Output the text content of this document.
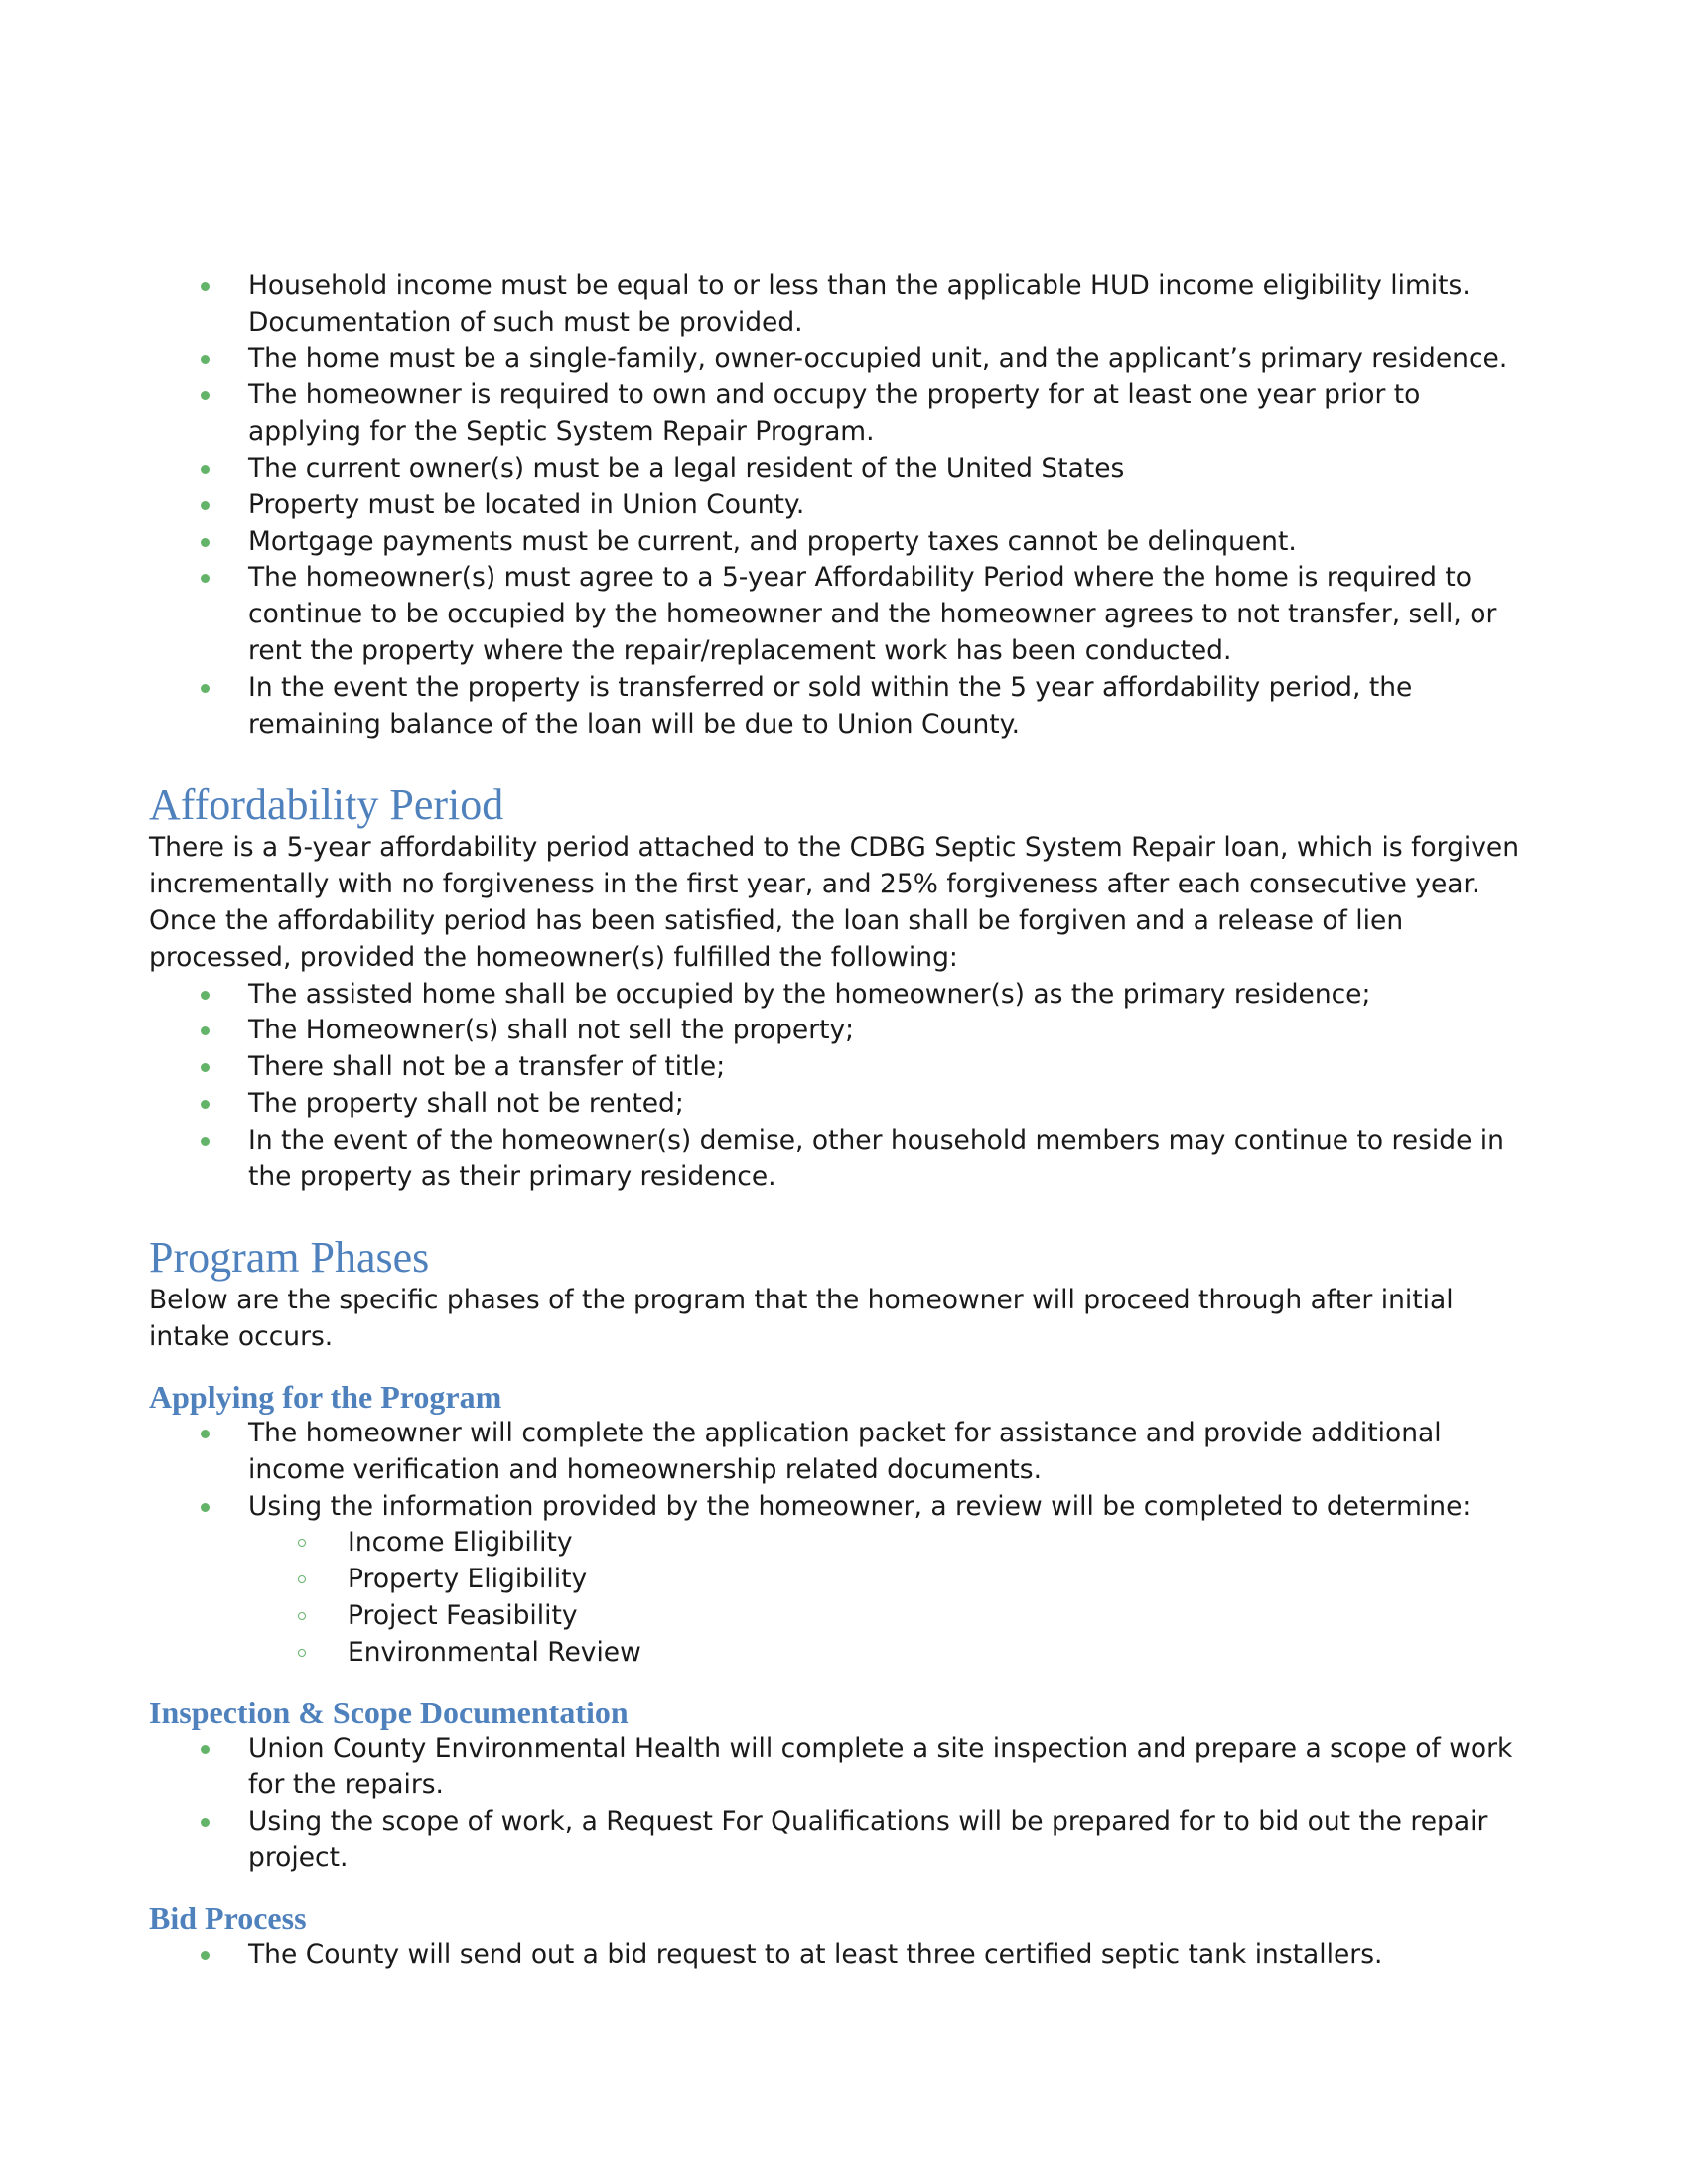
Household income must be equal to or less than the applicable HUD income eligibility limits. Documentation of such must be provided.
The home must be a single-family, owner-occupied unit, and the applicant’s primary residence.
The homeowner is required to own and occupy the property for at least one year prior to applying for the Septic System Repair Program.
The current owner(s) must be a legal resident of the United States
Property must be located in Union County.
Mortgage payments must be current, and property taxes cannot be delinquent.
The homeowner(s) must agree to a 5-year Affordability Period where the home is required to continue to be occupied by the homeowner and the homeowner agrees to not transfer, sell, or rent the property where the repair/replacement work has been conducted.
In the event the property is transferred or sold within the 5 year affordability period, the remaining balance of the loan will be due to Union County.
Affordability Period

There is a 5-year affordability period attached to the CDBG Septic System Repair loan, which is forgiven incrementally with no forgiveness in the first year, and 25% forgiveness after each consecutive year. Once the affordability period has been satisfied, the loan shall be forgiven and a release of lien processed, provided the homeowner(s) fulfilled the following:

The assisted home shall be occupied by the homeowner(s) as the primary residence;
The Homeowner(s) shall not sell the property;
There shall not be a transfer of title;
The property shall not be rented;
In the event of the homeowner(s) demise, other household members may continue to reside in the property as their primary residence.
Program Phases

Below are the specific phases of the program that the homeowner will proceed through after initial intake occurs.

Applying for the Program
The homeowner will complete the application packet for assistance and provide additional income verification and homeownership related documents.
Using the information provided by the homeowner, a review will be completed to determine:
Income Eligibility
Property Eligibility
Project Feasibility
Environmental Review
Inspection & Scope Documentation
Union County Environmental Health will complete a site inspection and prepare a scope of work for the repairs.
Using the scope of work, a Request For Qualifications will be prepared for to bid out the repair project.
Bid Process
The County will send out a bid request to at least three certified septic tank installers.
